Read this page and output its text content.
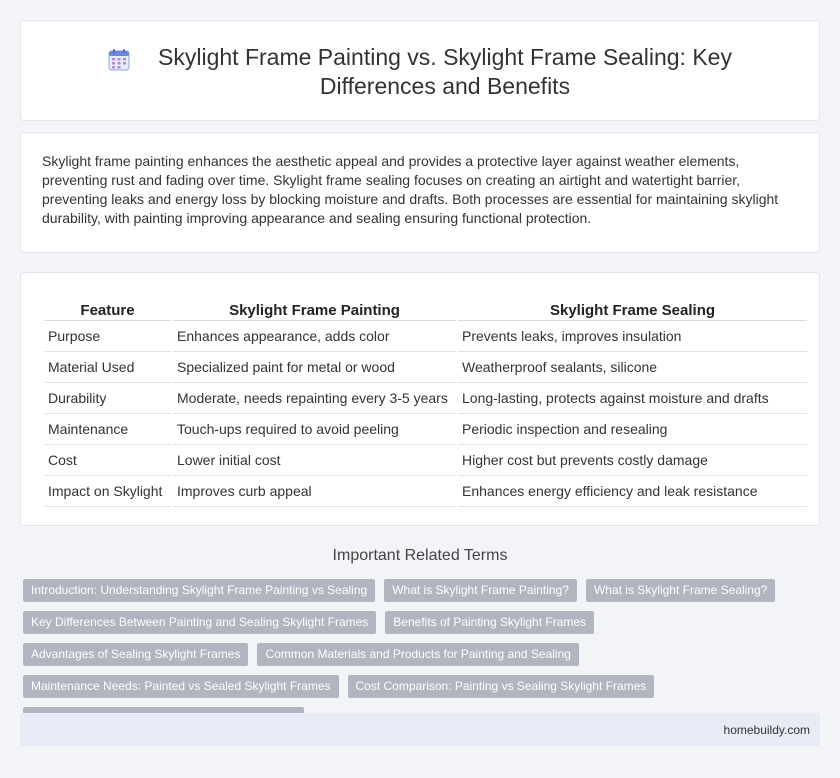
Skylight Frame Painting vs. Skylight Frame Sealing: Key Differences and Benefits

Skylight frame painting enhances the aesthetic appeal and provides a protective layer against weather elements, preventing rust and fading over time. Skylight frame sealing focuses on creating an airtight and watertight barrier, preventing leaks and energy loss by blocking moisture and drafts. Both processes are essential for maintaining skylight durability, with painting improving appearance and sealing ensuring functional protection.

Feature	Skylight Frame Painting	Skylight Frame Sealing
Purpose	Enhances appearance, adds color	Prevents leaks, improves insulation
Material Used	Specialized paint for metal or wood	Weatherproof sealants, silicone
Durability	Moderate, needs repainting every 3-5 years	Long-lasting, protects against moisture and drafts
Maintenance	Touch-ups required to avoid peeling	Periodic inspection and resealing
Cost	Lower initial cost	Higher cost but prevents costly damage
Impact on Skylight	Improves curb appeal	Enhances energy efficiency and leak resistance
Important Related Terms
Introduction: Understanding Skylight Frame Painting vs Sealing	What is Skylight Frame Painting?	What is Skylight Frame Sealing?
Key Differences Between Painting and Sealing Skylight Frames	Benefits of Painting Skylight Frames
Advantages of Sealing Skylight Frames	Common Materials and Products for Painting and Sealing
Maintenance Needs: Painted vs Sealed Skylight Frames	Cost Comparison: Painting vs Sealing Skylight Frames
homebuildy.com
